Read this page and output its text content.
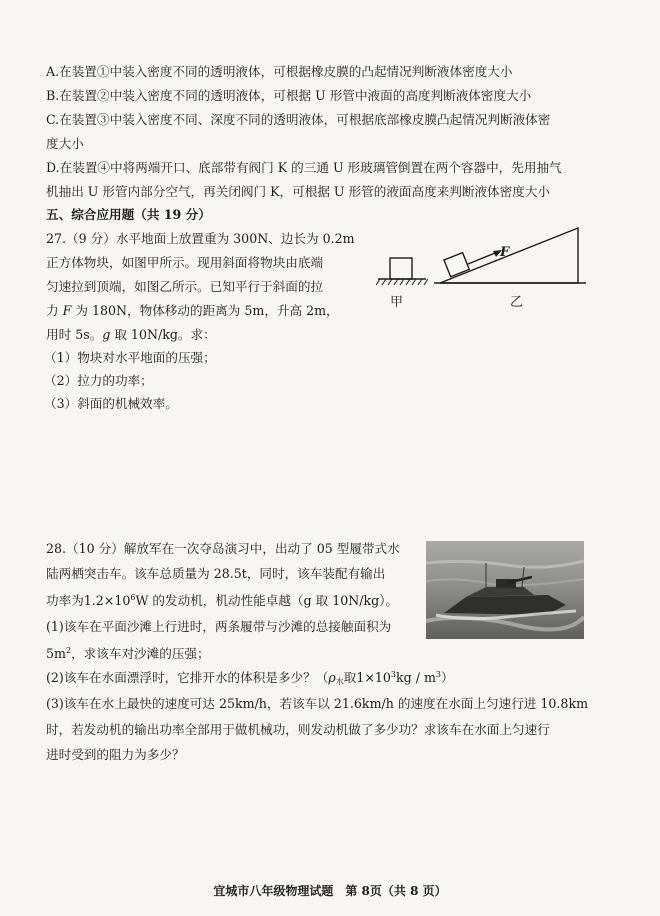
A.在装置①中装入密度不同的透明液体，可根据橡皮膜的凸起情况判断液体密度大小
B.在装置②中装入密度不同的透明液体，可根据 U 形管中液面的高度判断液体密度大小
C.在装置③中装入密度不同、深度不同的透明液体，可根据底部橡皮膜凸起情况判断液体密
度大小
D.在装置④中将两端开口、底部带有阀门 K 的三通 U 形玻璃管倒置在两个容器中，先用抽气
机抽出 U 形管内部分空气，再关闭阀门 K，可根据 U 形管的液面高度来判断液体密度大小
五、综合应用题（共 19 分）
27.（9 分）水平地面上放置重为 300N、边长为 0.2m
正方体物块，如图甲所示。现用斜面将物块由底端
匀速拉到顶端，如图乙所示。已知平行于斜面的拉
力 F 为 180N，物体移动的距离为 5m，升高 2m，
用时 5s。g 取 10N/kg。求：
（1）物块对水平地面的压强；
（2）拉力的功率；
（3）斜面的机械效率。
甲
F
乙
28.（10 分）解放军在一次夺岛演习中，出动了 05 型履带式水
陆两栖突击车。该车总质量为 28.5t，同时，该车装配有输出
功率为$1.2\times 10^6W$ 的发动机，机动性能卓越（g 取 10N/kg）。
(1)该车在平面沙滩上行进时，两条履带与沙滩的总接触面积为
$5m^2$，求该车对沙滩的压强；
(2)该车在水面漂浮时，它排开水的体积是多少？（$\rho_水$取$1\times 10^3kg / m^3$）
(3)该车在水上最快的速度可达 25km/h，若该车以 21.6km/h 的速度在水面上匀速行进 10.8km
时，若发动机的输出功率全部用于做机械功，则发动机做了多少功？求该车在水面上匀速行
进时受到的阻力为多少？
宜城市八年级物理试题　第 8页（共 8 页）
